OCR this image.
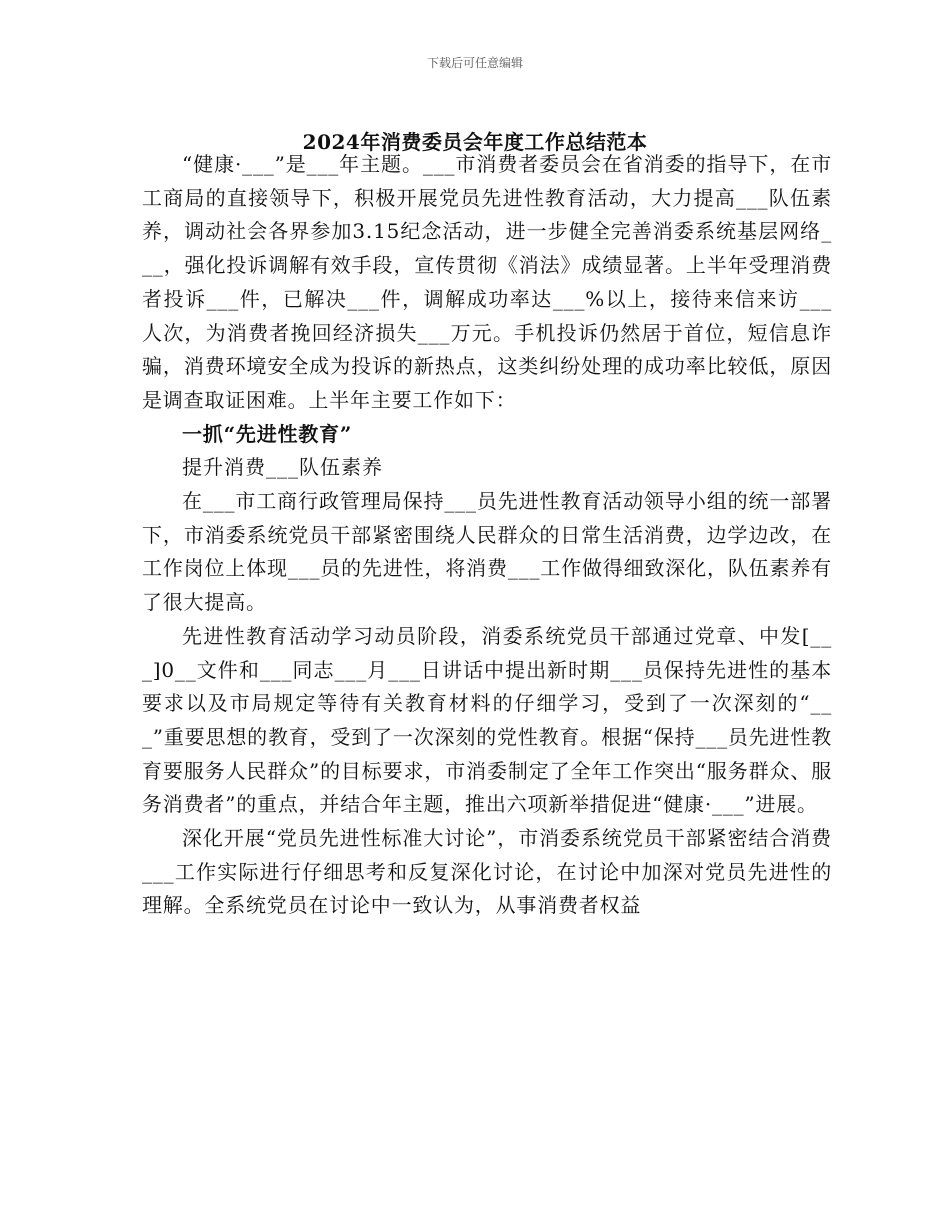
下载后可任意编辑
2024年消费委员会年度工作总结范本

“健康·___”是___年主题。___市消费者委员会在省消委的指导下，在市工商局的直接领导下，积极开展党员先进性教育活动，大力提高___队伍素养，调动社会各界参加3.15纪念活动，进一步健全完善消委系统基层网络___，强化投诉调解有效手段，宣传贯彻《消法》成绩显著。上半年受理消费者投诉___件，已解决___件，调解成功率达___%以上，接待来信来访___人次，为消费者挽回经济损失___万元。手机投诉仍然居于首位，短信息诈骗，消费环境安全成为投诉的新热点，这类纠纷处理的成功率比较低，原因是调查取证困难。上半年主要工作如下：

一抓“先进性教育”

提升消费___队伍素养

在___市工商行政管理局保持___员先进性教育活动领导小组的统一部署下，市消委系统党员干部紧密围绕人民群众的日常生活消费，边学边改，在工作岗位上体现___员的先进性，将消费___工作做得细致深化，队伍素养有了很大提高。

先进性教育活动学习动员阶段，消委系统党员干部通过党章、中发[___]0__文件和___同志___月___日讲话中提出新时期___员保持先进性的基本要求以及市局规定等待有关教育材料的仔细学习，受到了一次深刻的“___”重要思想的教育，受到了一次深刻的党性教育。根据“保持___员先进性教育要服务人民群众”的目标要求，市消委制定了全年工作突出“服务群众、服务消费者”的重点，并结合年主题，推出六项新举措促进“健康·___”进展。

深化开展“党员先进性标准大讨论”，市消委系统党员干部紧密结合消费___工作实际进行仔细思考和反复深化讨论，在讨论中加深对党员先进性的理解。全系统党员在讨论中一致认为，从事消费者权益
